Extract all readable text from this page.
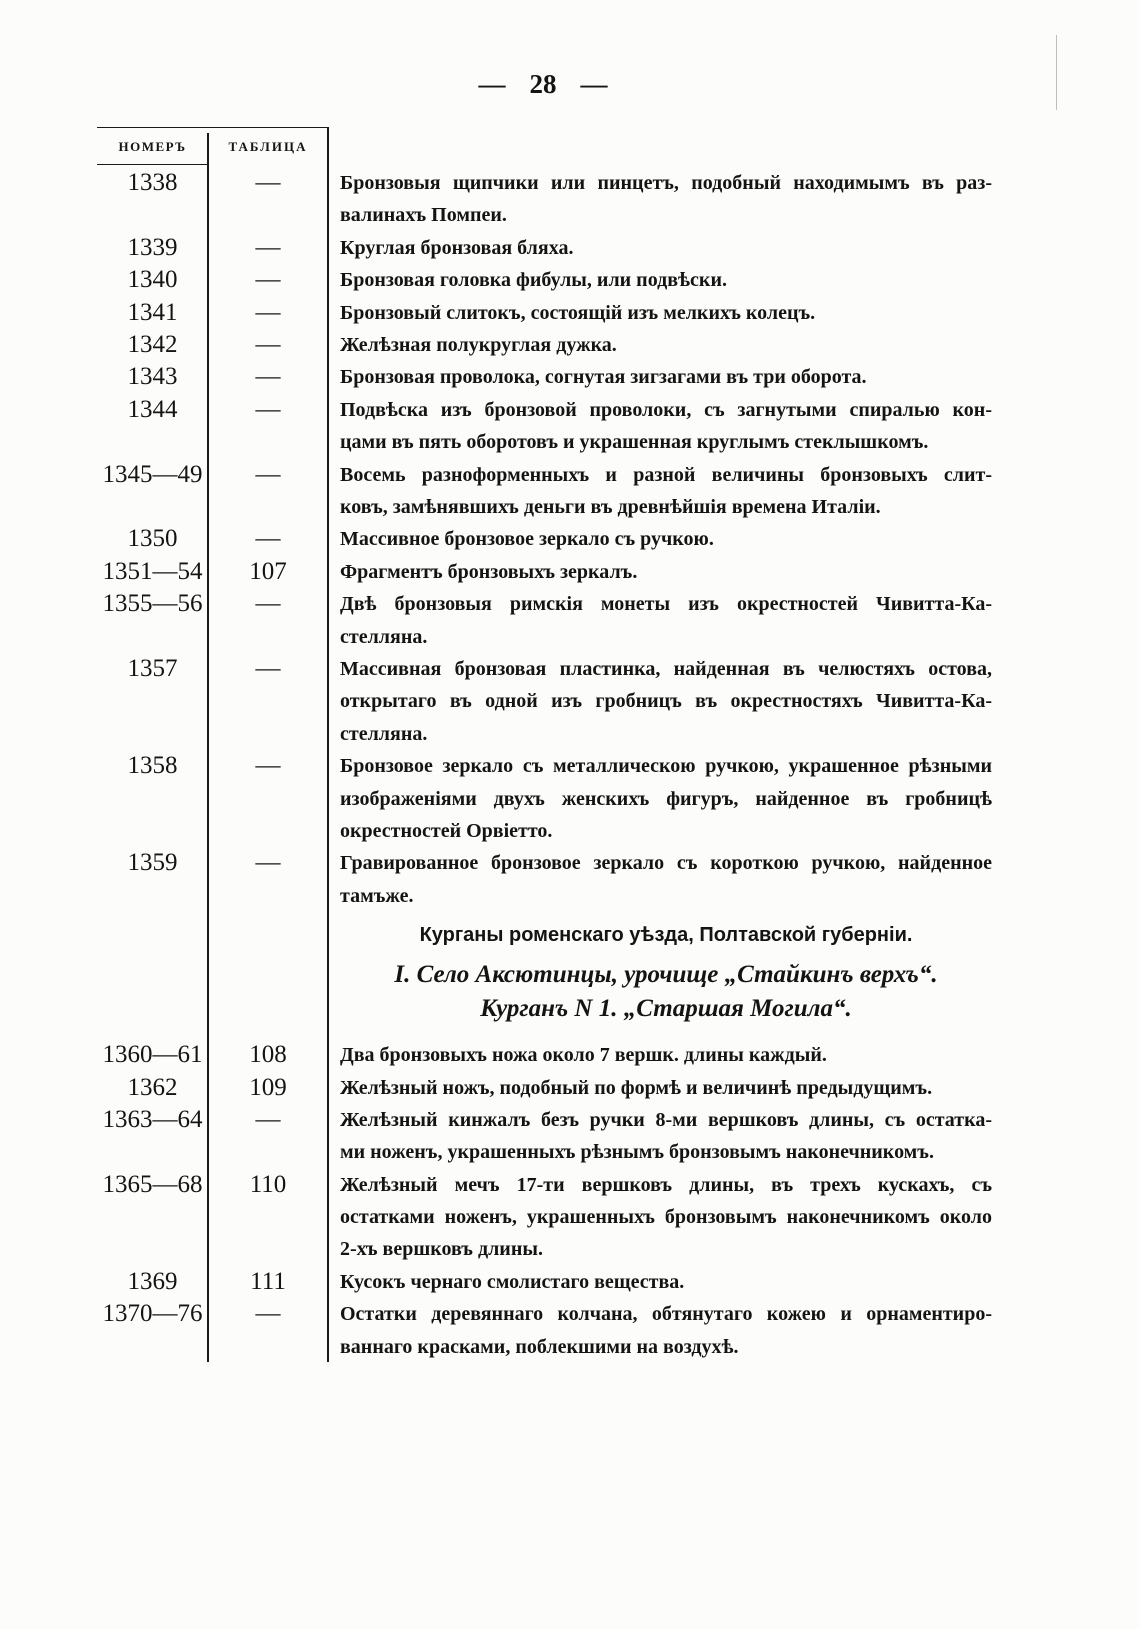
— 28 —
НОМЕРЪ	ТАБЛИЦА
1338	—	Бронзовыя щипчики или пинцетъ, подобный находимымъ въ раз-
валинахъ Помпеи.
1339	—	Круглая бронзовая бляха.
1340	—	Бронзовая головка фибулы, или подвѣски.
1341	—	Бронзовый слитокъ, состоящій изъ мелкихъ колецъ.
1342	—	Желѣзная полукруглая дужка.
1343	—	Бронзовая проволока, согнутая зигзагами въ три оборота.
1344	—	Подвѣска изъ бронзовой проволоки, съ загнутыми спиралью кон-
цами въ пять оборотовъ и украшенная круглымъ стеклышкомъ.
1345—49	—	Восемь разноформенныхъ и разной величины бронзовыхъ слит-
ковъ, замѣнявшихъ деньги въ древнѣйшія времена Италіи.
1350	—	Массивное бронзовое зеркало съ ручкою.
1351—54	107	Фрагментъ бронзовыхъ зеркалъ.
1355—56	—	Двѣ бронзовыя римскія монеты изъ окрестностей Чивитта-Ка-
стелляна.
1357	—	Массивная бронзовая пластинка, найденная въ челюстяхъ остова,
открытаго въ одной изъ гробницъ въ окрестностяхъ Чивитта-Ка-
стелляна.
1358	—	Бронзовое зеркало съ металлическою ручкою, украшенное рѣзными
изображеніями двухъ женскихъ фигуръ, найденное въ гробницѣ
окрестностей Орвіетто.
1359	—	Гравированное бронзовое зеркало съ короткою ручкою, найденное
тамъже.
Курганы роменскаго уѣзда, Полтавской губерніи.
I. Село Аксютинцы, урочище „Стайкинъ верхъ“.
Курганъ N 1. „Старшая Могила“.
1360—61	108	Два бронзовыхъ ножа около 7 вершк. длины каждый.
1362	109	Желѣзный ножъ, подобный по формѣ и величинѣ предыдущимъ.
1363—64	—	Желѣзный кинжалъ безъ ручки 8-ми вершковъ длины, съ остатка-
ми ноженъ, украшенныхъ рѣзнымъ бронзовымъ наконечникомъ.
1365—68	110	Желѣзный мечъ 17-ти вершковъ длины, въ трехъ кускахъ, съ
остатками ноженъ, украшенныхъ бронзовымъ наконечникомъ около
2-хъ вершковъ длины.
1369	111	Кусокъ чернаго смолистаго вещества.
1370—76	—	Остатки деревяннаго колчана, обтянутаго кожею и орнаментиро-
ваннаго красками, поблекшими на воздухѣ.
